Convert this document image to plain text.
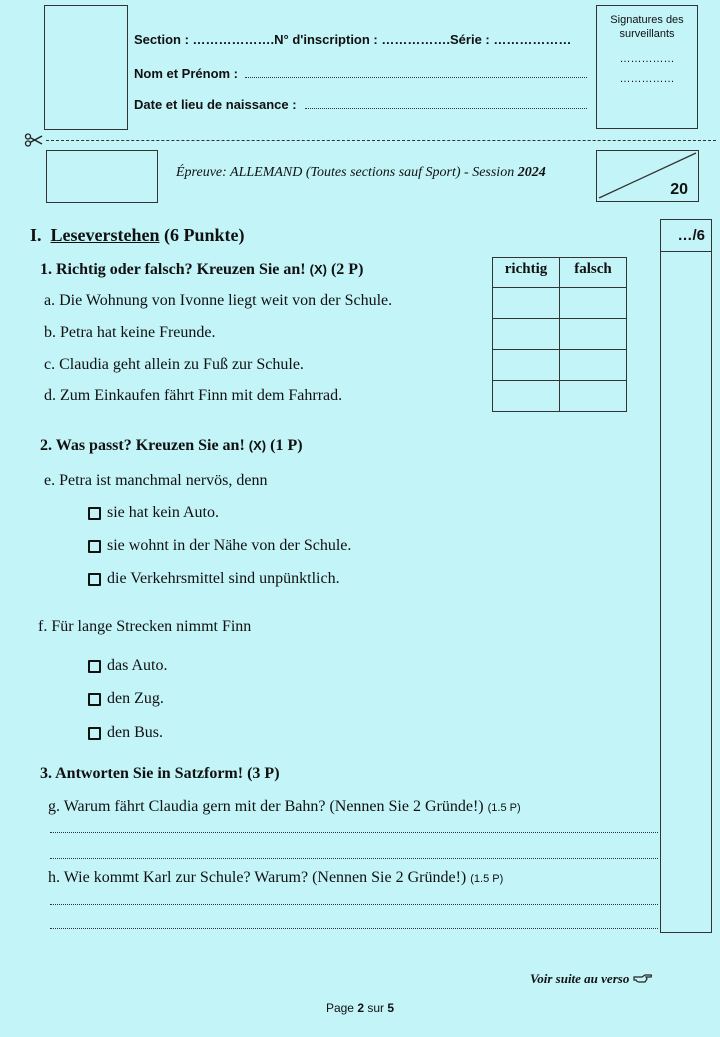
Section : ……………….N° d'inscription : …………….Série : ………………
Nom et Prénom :
Date et lieu de naissance :
Signatures des surveillants
……………
……………
Épreuve: ALLEMAND (Toutes sections sauf Sport) - Session 2024
20
I. Leseverstehen (6 Punkte)	…/6
1. Richtig oder falsch? Kreuzen Sie an! (X) (2 P)
a. Die Wohnung von Ivonne liegt weit von der Schule.
b. Petra hat keine Freunde.
c. Claudia geht allein zu Fuß zur Schule.
d. Zum Einkaufen fährt Finn mit dem Fahrrad.
richtig	falsch

2. Was passt? Kreuzen Sie an! (X) (1 P)
e. Petra ist manchmal nervös, denn
sie hat kein Auto.
sie wohnt in der Nähe von der Schule.
die Verkehrsmittel sind unpünktlich.
f. Für lange Strecken nimmt Finn
das Auto.
den Zug.
den Bus.
3. Antworten Sie in Satzform! (3 P)
g. Warum fährt Claudia gern mit der Bahn? (Nennen Sie 2 Gründe!) (1.5 P)
h. Wie kommt Karl zur Schule? Warum? (Nennen Sie 2 Gründe!) (1.5 P)
Voir suite au verso
Page 2 sur 5
